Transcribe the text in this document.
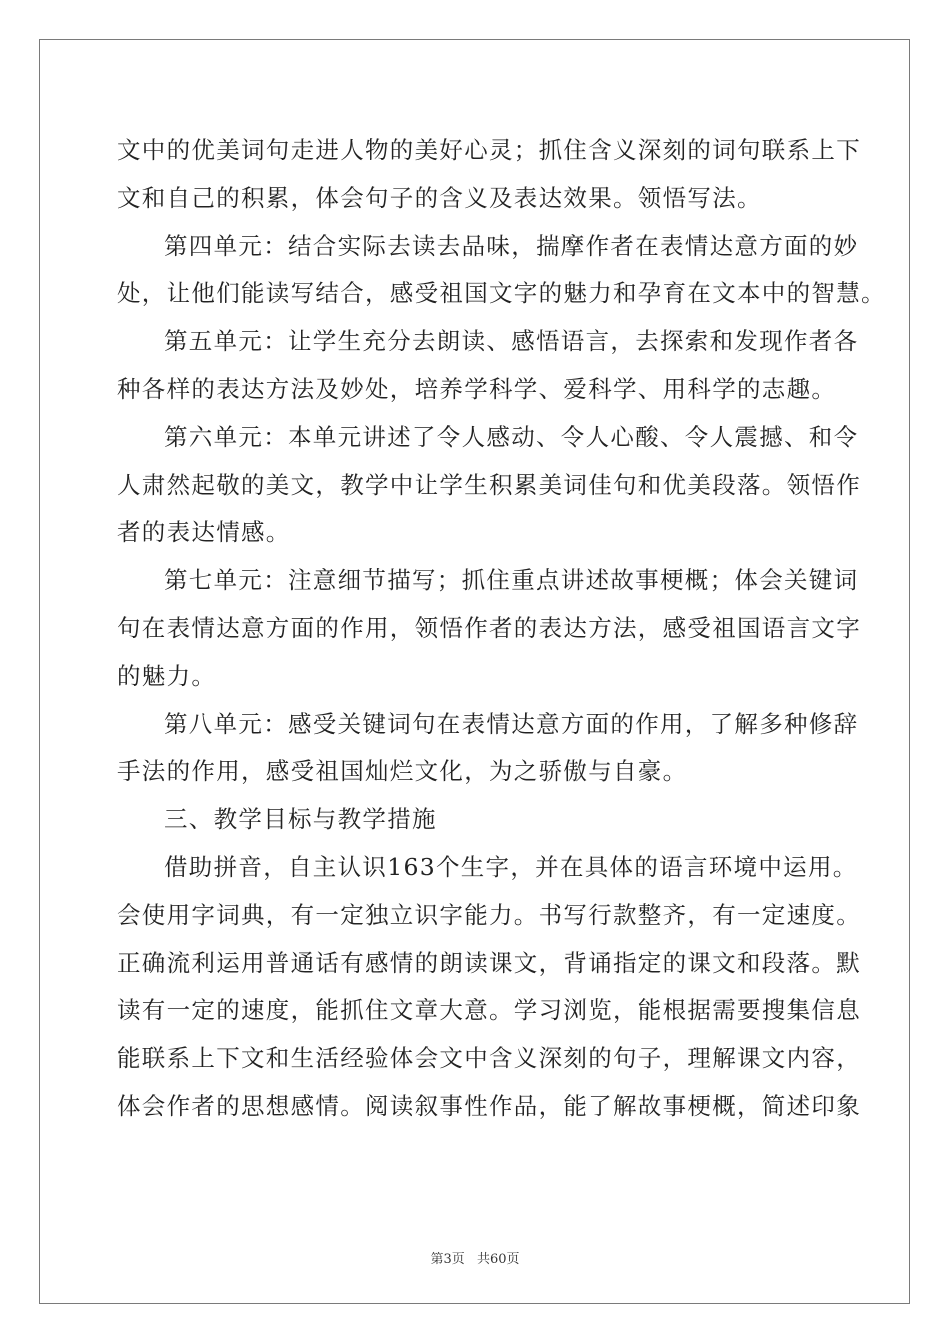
文中的优美词句走进人物的美好心灵；抓住含义深刻的词句联系上下
文和自己的积累，体会句子的含义及表达效果。领悟写法。
第四单元：结合实际去读去品味，揣摩作者在表情达意方面的妙
处，让他们能读写结合，感受祖国文字的魅力和孕育在文本中的智慧。
第五单元：让学生充分去朗读、感悟语言，去探索和发现作者各
种各样的表达方法及妙处，培养学科学、爱科学、用科学的志趣。
第六单元：本单元讲述了令人感动、令人心酸、令人震撼、和令
人肃然起敬的美文，教学中让学生积累美词佳句和优美段落。领悟作
者的表达情感。
第七单元：注意细节描写；抓住重点讲述故事梗概；体会关键词
句在表情达意方面的作用，领悟作者的表达方法，感受祖国语言文字
的魅力。
第八单元：感受关键词句在表情达意方面的作用，了解多种修辞
手法的作用，感受祖国灿烂文化，为之骄傲与自豪。
三、教学目标与教学措施
借助拼音，自主认识163个生字，并在具体的语言环境中运用。
会使用字词典，有一定独立识字能力。书写行款整齐，有一定速度。
正确流利运用普通话有感情的朗读课文，背诵指定的课文和段落。默
读有一定的速度，能抓住文章大意。学习浏览，能根据需要搜集信息
能联系上下文和生活经验体会文中含义深刻的句子，理解课文内容，
体会作者的思想感情。阅读叙事性作品，能了解故事梗概，简述印象
第3页 共60页
